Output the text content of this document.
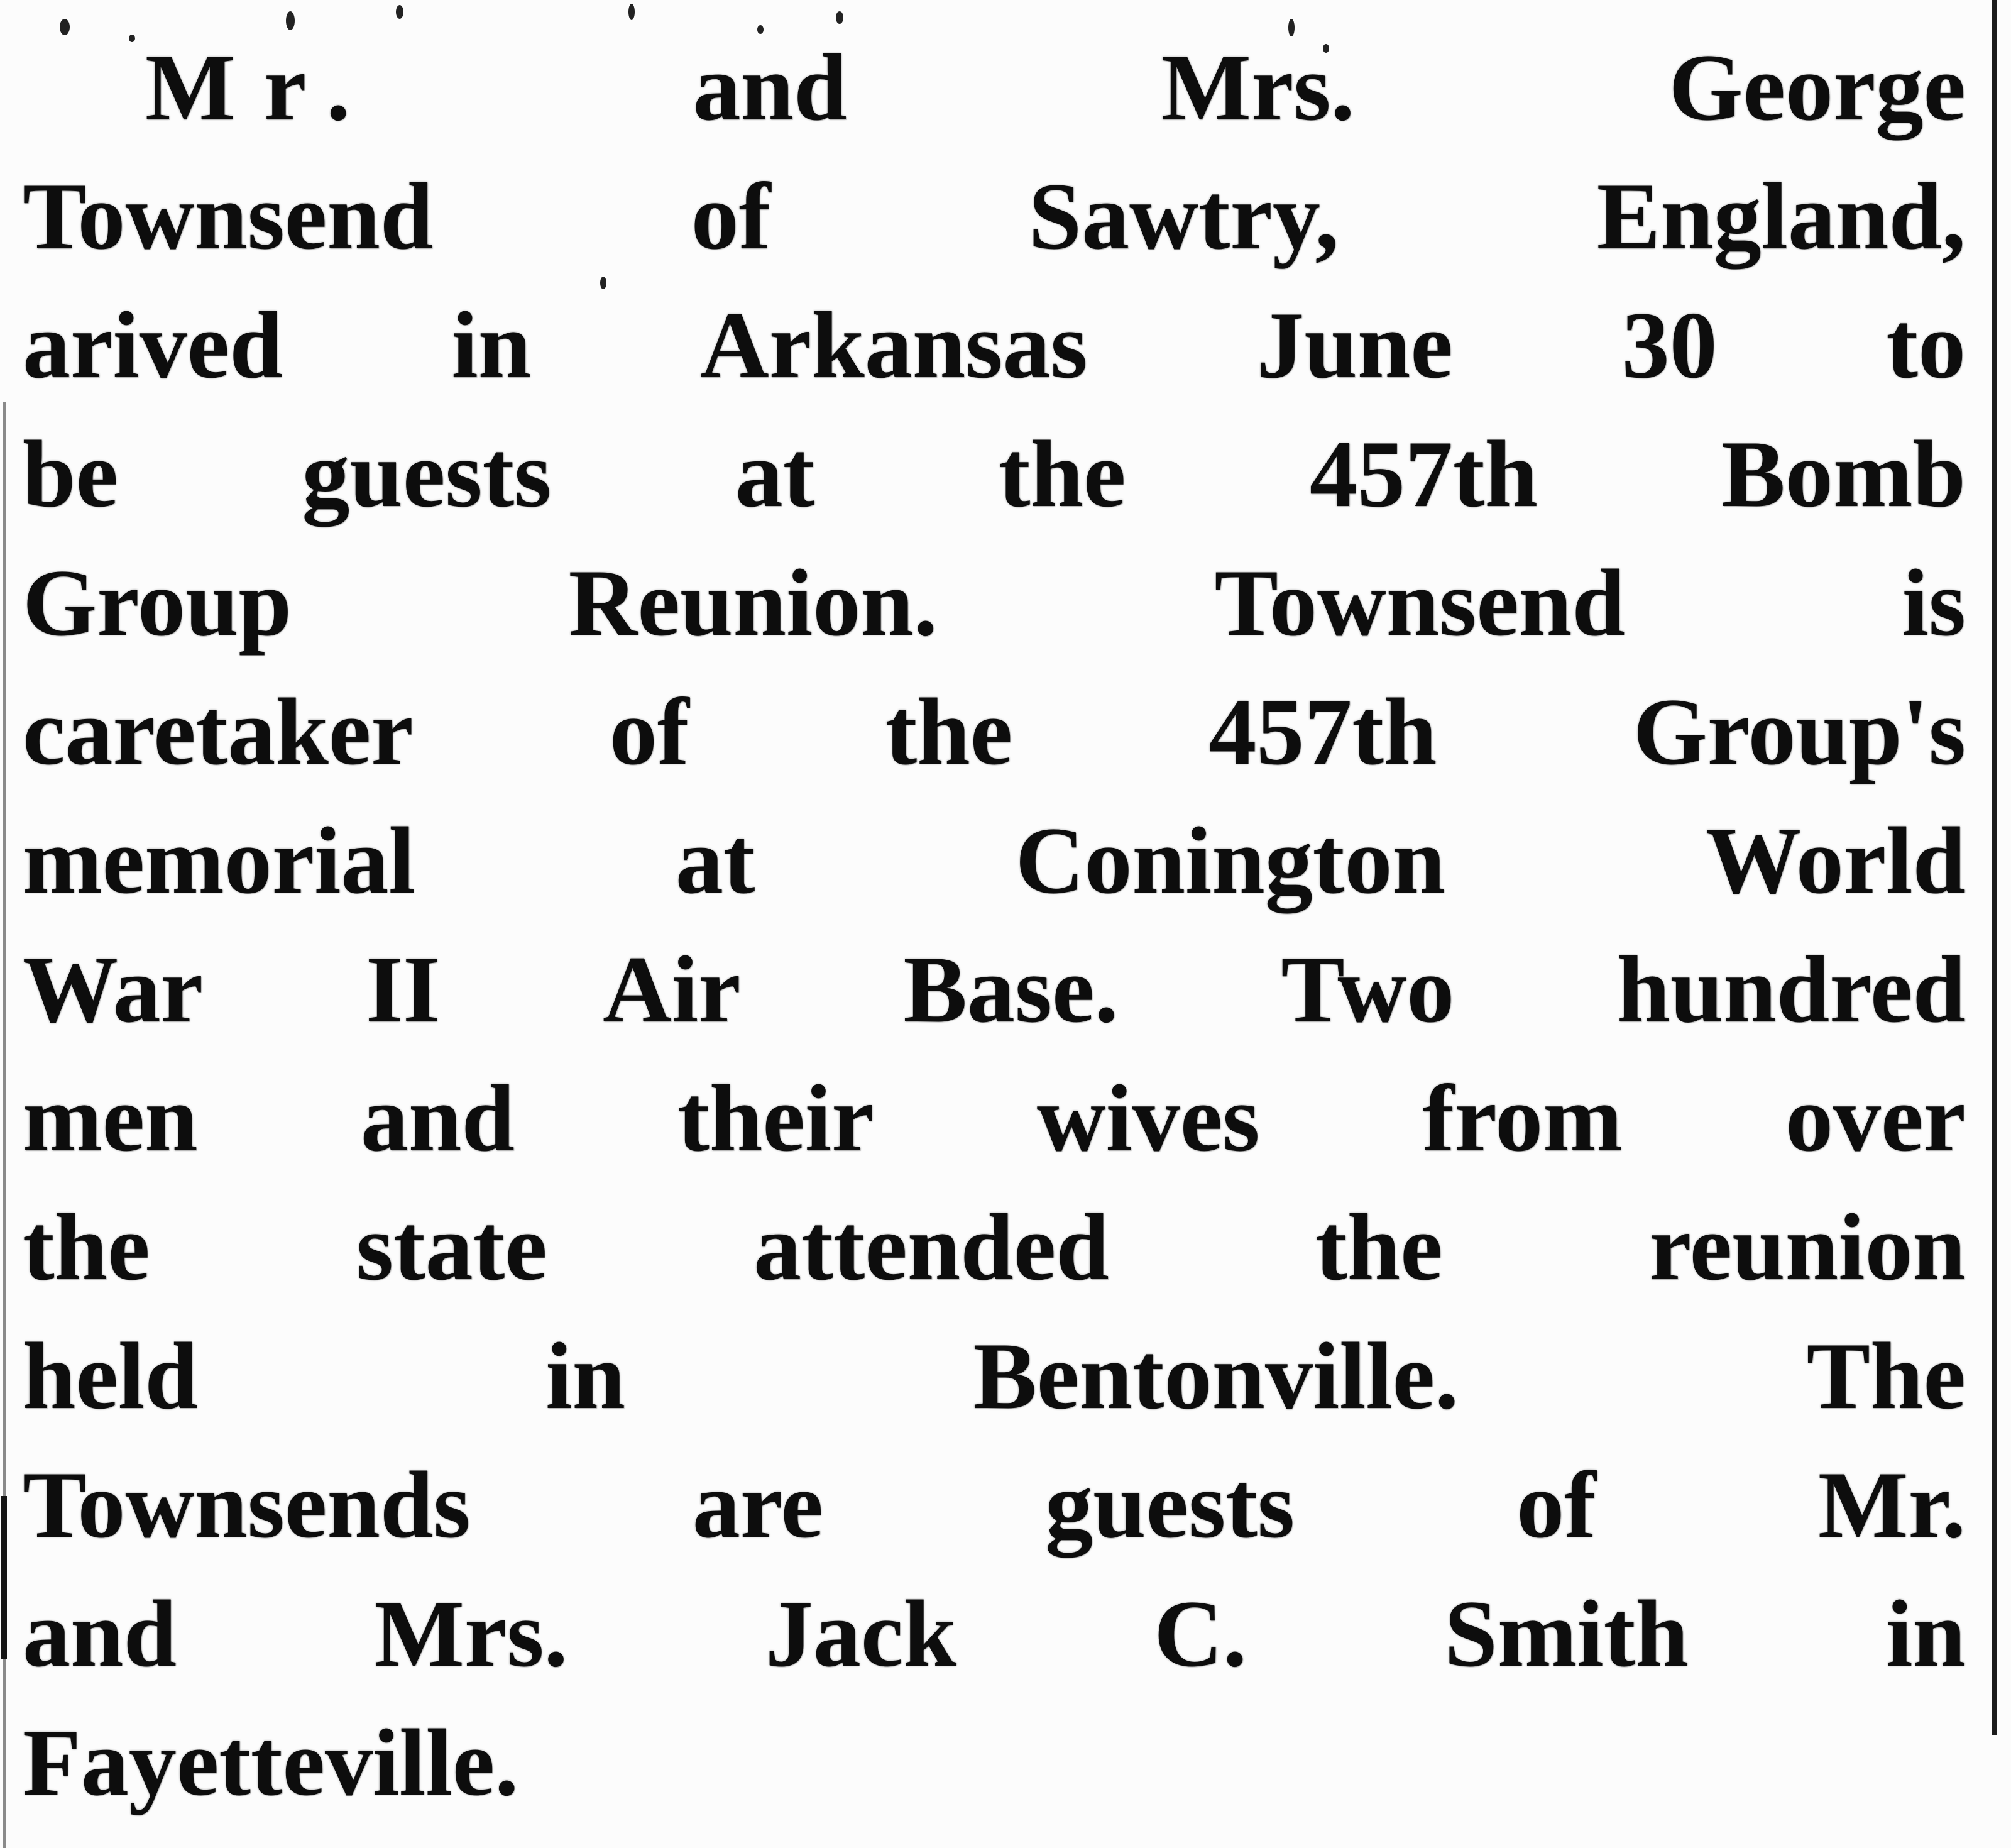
Mr.	and	Mrs.	George
Townsend	of	Sawtry,	England,
arived in Arkansas June 30 to
be guests at the 457th Bomb
Group	Reunion.	Townsend	is
caretaker of the 457th Group's
memorial	at	Conington	World
War II Air Base. Two hundred
men and their wives from over
the state attended the reunion
held	in	Bentonville.	The
Townsends are guests of Mr.
and Mrs. Jack C. Smith in
Fayetteville.
